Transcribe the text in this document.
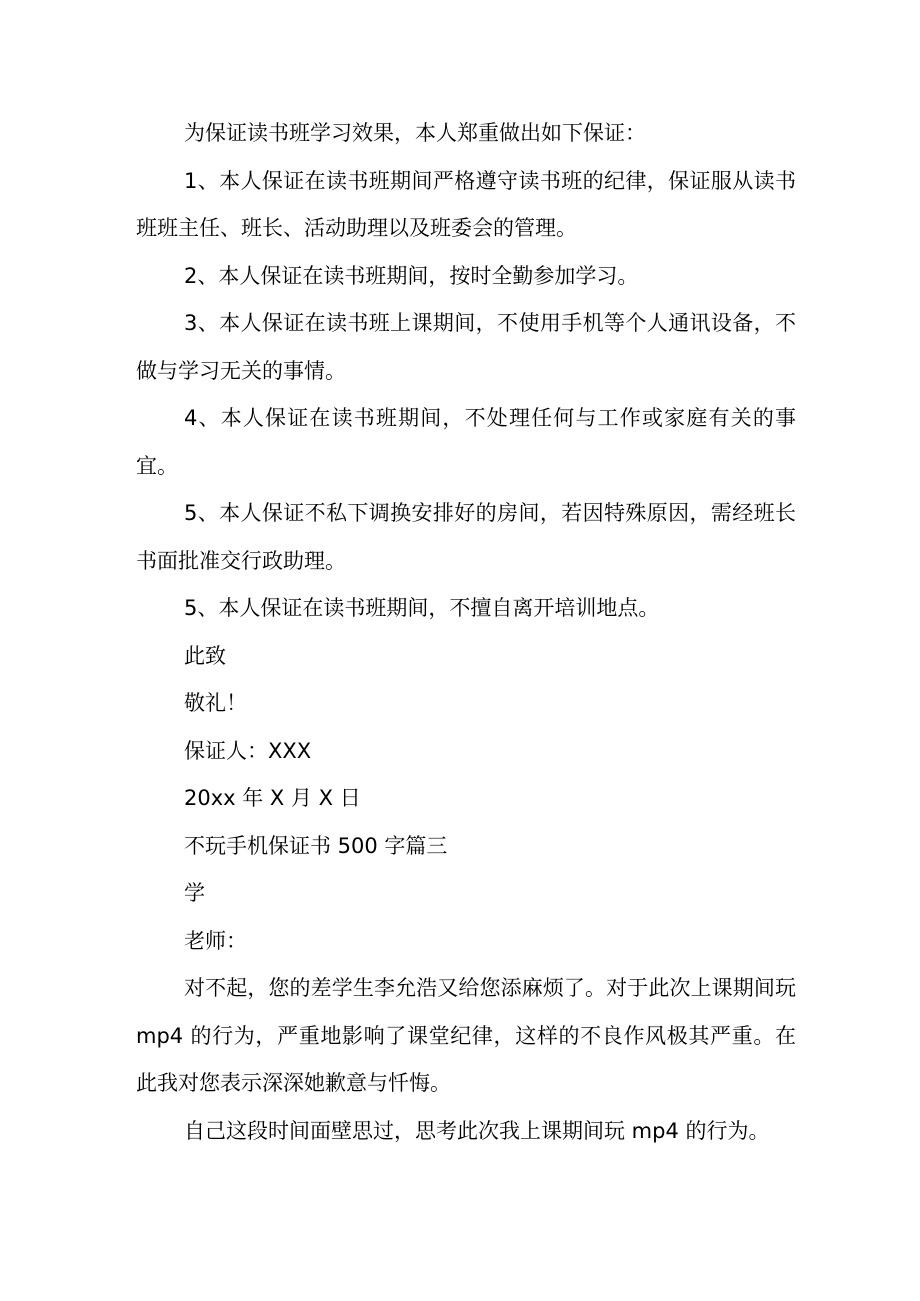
为保证读书班学习效果，本人郑重做出如下保证：

1、本人保证在读书班期间严格遵守读书班的纪律，保证服从读书班班主任、班长、活动助理以及班委会的管理。

2、本人保证在读书班期间，按时全勤参加学习。

3、本人保证在读书班上课期间，不使用手机等个人通讯设备，不做与学习无关的事情。

4、本人保证在读书班期间，不处理任何与工作或家庭有关的事宜。

5、本人保证不私下调换安排好的房间，若因特殊原因，需经班长书面批准交行政助理。

5、本人保证在读书班期间，不擅自离开培训地点。

此致

敬礼！

保证人：XXX

20xx 年 X 月 X 日

不玩手机保证书 500 字篇三

学

老师：

对不起，您的差学生李允浩又给您添麻烦了。对于此次上课期间玩 mp4 的行为，严重地影响了课堂纪律，这样的不良作风极其严重。在此我对您表示深深她歉意与忏悔。

自己这段时间面壁思过，思考此次我上课期间玩 mp4 的行为。
